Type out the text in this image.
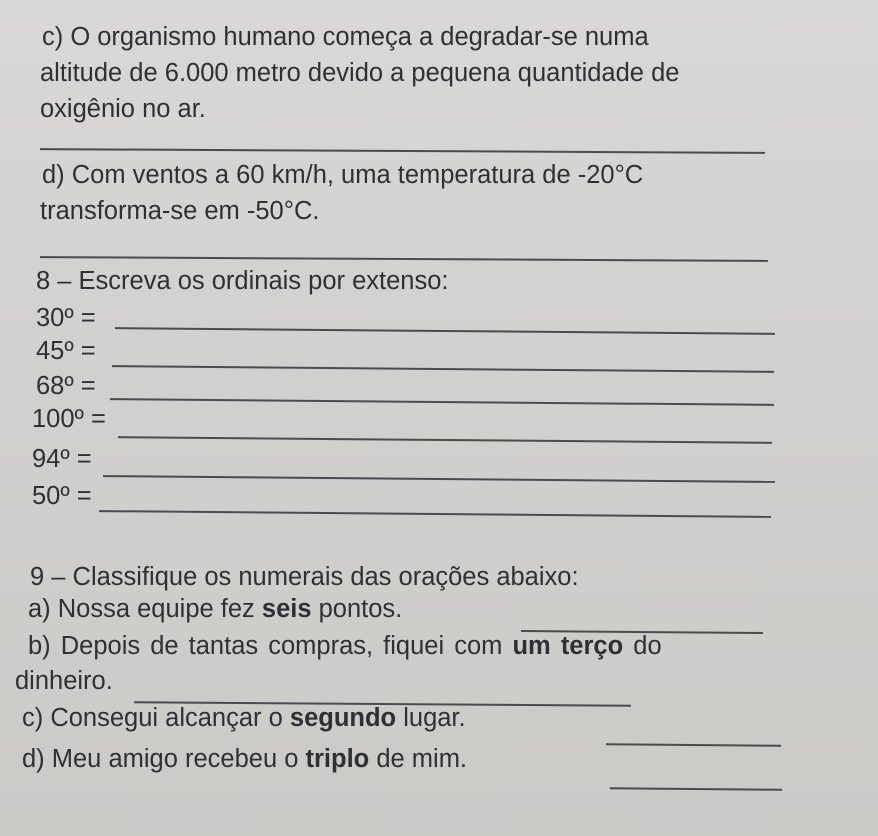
c) O organismo humano começa a degradar-se numa
altitude de 6.000 metro devido a pequena quantidade de
oxigênio no ar.
d) Com ventos a 60 km/h, uma temperatura de -20°C
transforma-se em -50°C.
8 – Escreva os ordinais por extenso:
30º =
45º =
68º =
100º =
94º =
50º =
9 – Classifique os numerais das orações abaixo:
a) Nossa equipe fez seis pontos.
b) Depois de tantas compras, fiquei com um terço do
dinheiro.
c) Consegui alcançar o segundo lugar.
d) Meu amigo recebeu o triplo de mim.
